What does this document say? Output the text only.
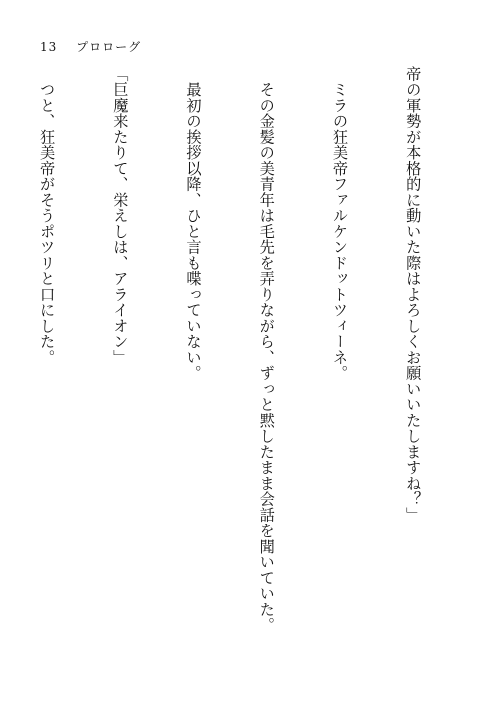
13 プロローグ

帝の軍勢が本格的に動いた際はよろしくお願いいたしますね？」

　ミラの狂美帝ファルケンドットツィーネ。

　その金髪の美青年は毛先を弄りながら、ずっと黙したまま会話を聞いていた。

　最初の挨拶以降、ひと言も喋っていない。

「巨魔来たりて、栄えしは、アライオン」

　つと、狂美帝がそうポツリと口にした。
